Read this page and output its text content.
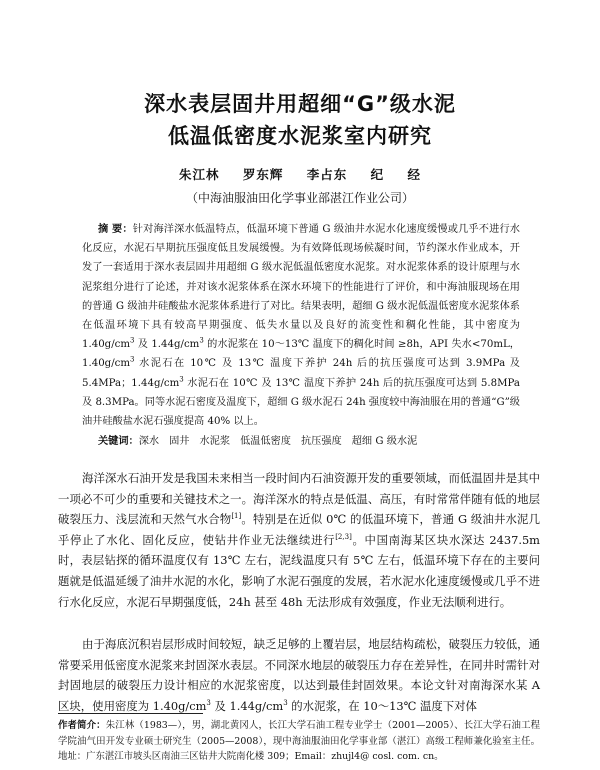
深水表层固井用超细“G”级水泥
低温低密度水泥浆室内研究
朱江林 罗东辉 李占东 纪 经
（中海油服油田化学事业部湛江作业公司）
摘 要：针对海洋深水低温特点，低温环境下普通 G 级油井水泥水化速度缓慢或几乎不进行水化反应，水泥石早期抗压强度低且发展缓慢。为有效降低现场候凝时间，节约深水作业成本，开发了一套适用于深水表层固井用超细 G 级水泥低温低密度水泥浆。对水泥浆体系的设计原理与水泥浆组分进行了论述，并对该水泥浆体系在深水环境下的性能进行了评价，和中海油服现场在用的普通 G 级油井硅酸盐水泥浆体系进行了对比。结果表明，超细 G 级水泥低温低密度水泥浆体系在低温环境下具有较高早期强度、低失水量以及良好的流变性和稠化性能，其中密度为 $1.40g/cm^3$ 及 $1.44g/cm^3$ 的水泥浆在 10～13℃ 温度下的稠化时间 ≥8h，API 失水<70mL，$1.40g/cm^3$ 水泥石在 10℃ 及 13℃ 温度下养护 24h 后的抗压强度可达到 3.9MPa 及 5.4MPa；$1.44g/cm^3$ 水泥石在 10℃ 及 13℃ 温度下养护 24h 后的抗压强度可达到 5.8MPa 及 8.3MPa。同等水泥石密度及温度下，超细 G 级水泥石 24h 强度较中海油服在用的普通“G”级油井硅酸盐水泥石强度提高 40% 以上。
关键词：深水 固井 水泥浆 低温低密度 抗压强度 超细 G 级水泥
海洋深水石油开发是我国未来相当一段时间内石油资源开发的重要领域，而低温固井是其中一项必不可少的重要和关键技术之一。海洋深水的特点是低温、高压，有时常常伴随有低的地层破裂压力、浅层流和天然气水合物[1]。特别是在近似 0℃ 的低温环境下，普通 G 级油井水泥几乎停止了水化、固化反应，使钻井作业无法继续进行[2,3]。中国南海某区块水深达 2437.5m 时，表层钻探的循环温度仅有 13℃ 左右，泥线温度只有 5℃ 左右，低温环境下存在的主要问题就是低温延缓了油井水泥的水化，影响了水泥石强度的发展，若水泥水化速度缓慢或几乎不进行水化反应，水泥石早期强度低，24h 甚至 48h 无法形成有效强度，作业无法顺利进行。
由于海底沉积岩层形成时间较短，缺乏足够的上覆岩层，地层结构疏松，破裂压力较低，通常要采用低密度水泥浆来封固深水表层。不同深水地层的破裂压力存在差异性，在同井时需针对封固地层的破裂压力设计相应的水泥浆密度，以达到最佳封固效果。本论文针对南海深水某 A 区块，使用密度为 $1.40g/cm^3$ 及 $1.44g/cm^3$ 的水泥浆，在 10～13℃ 温度下对体
作者简介：朱江林（1983—），男，湖北黄冈人，长江大学石油工程专业学士（2001—2005）、长江大学石油工程学院油气田开发专业硕士研究生（2005—2008），现中海油服油田化学事业部（湛江）高级工程师兼化验室主任。地址：广东湛江市坡头区南油三区钻井大院南化楼 309；Email：zhujl4@ cosl. com. cn。
